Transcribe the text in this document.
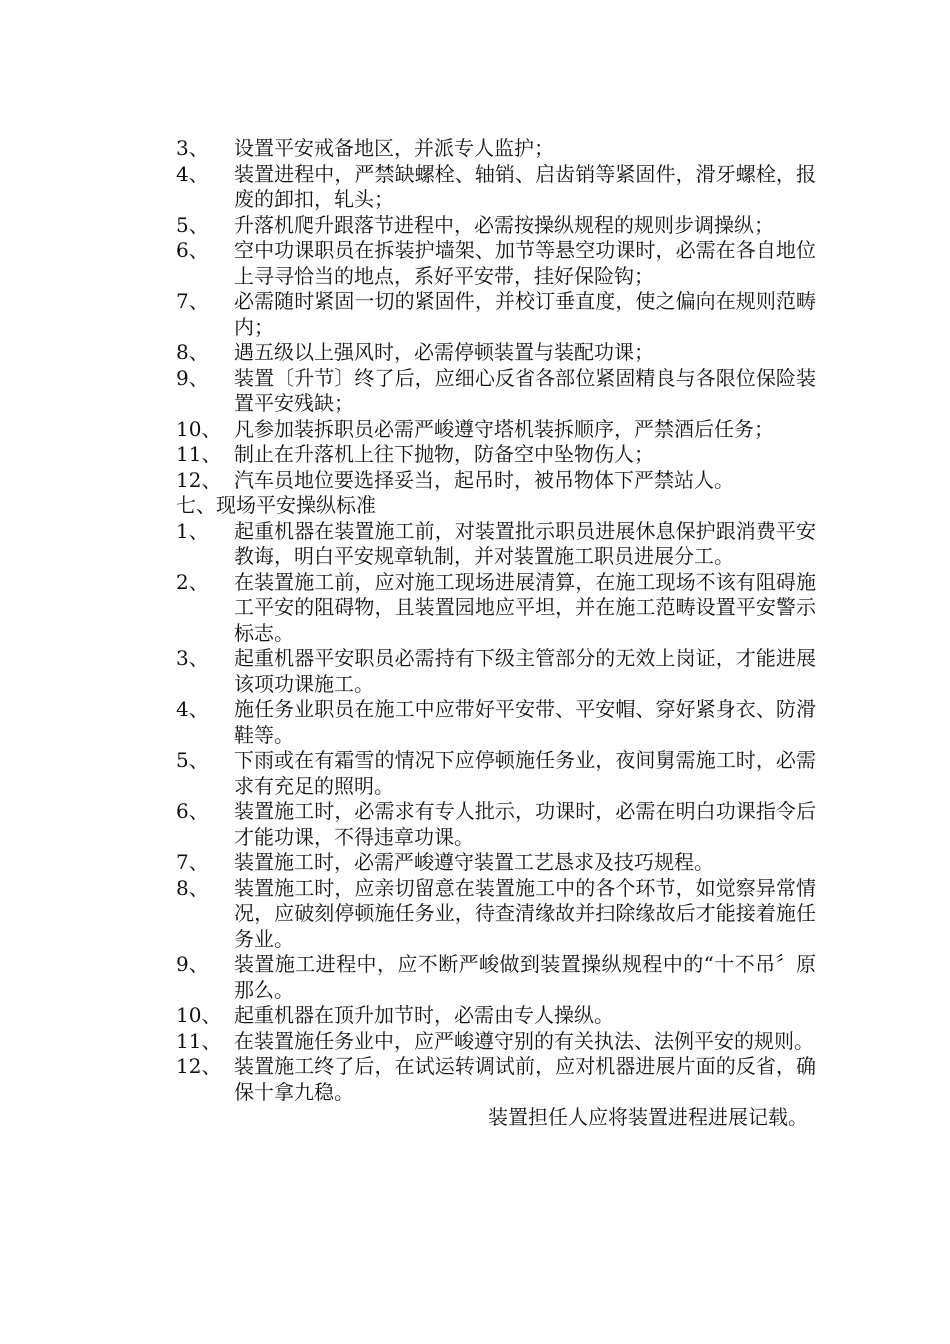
3、	设置平安戒备地区，并派专人监护；
4、	装置进程中，严禁缺螺栓、轴销、启齿销等紧固件，滑牙螺栓，报废的卸扣，轧头；
5、	升落机爬升跟落节进程中，必需按操纵规程的规则步调操纵；
6、	空中功课职员在拆装护墙架、加节等悬空功课时，必需在各自地位上寻寻恰当的地点，系好平安带，挂好保险钩；
7、	必需随时紧固一切的紧固件，并校订垂直度，使之偏向在规则范畴内；
8、	遇五级以上强风时，必需停顿装置与装配功课；
9、	装置〔升节〕终了后，应细心反省各部位紧固精良与各限位保险装置平安残缺；
10、 凡参加装拆职员必需严峻遵守塔机装拆顺序，严禁酒后任务；
11、 制止在升落机上往下抛物，防备空中坠物伤人；
12、 汽车员地位要选择妥当，起吊时，被吊物体下严禁站人。
七、现场平安操纵标准
1、	起重机器在装置施工前，对装置批示职员进展休息保护跟消费平安教诲，明白平安规章轨制，并对装置施工职员进展分工。
2、	在装置施工前，应对施工现场进展清算，在施工现场不该有阻碍施工平安的阻碍物，且装置园地应平坦，并在施工范畴设置平安警示标志。
3、	起重机器平安职员必需持有下级主管部分的无效上岗证，才能进展该项功课施工。
4、	施任务业职员在施工中应带好平安带、平安帽、穿好紧身衣、防滑鞋等。
5、	下雨或在有霜雪的情况下应停顿施任务业，夜间舅需施工时，必需求有充足的照明。
6、	装置施工时，必需求有专人批示，功课时，必需在明白功课指令后才能功课，不得违章功课。
7、	装置施工时，必需严峻遵守装置工艺恳求及技巧规程。
8、	装置施工时，应亲切留意在装置施工中的各个环节，如觉察异常情况，应破刻停顿施任务业，待查清缘故并扫除缘故后才能接着施任务业。
9、	装置施工进程中，应不断严峻做到装置操纵规程中的“十不吊〞原那么。
10、 起重机器在顶升加节时，必需由专人操纵。
11、 在装置施任务业中，应严峻遵守别的有关执法、法例平安的规则。
12、 装置施工终了后，在试运转调试前，应对机器进展片面的反省，确保十拿九稳。
装置担任人应将装置进程进展记载。
